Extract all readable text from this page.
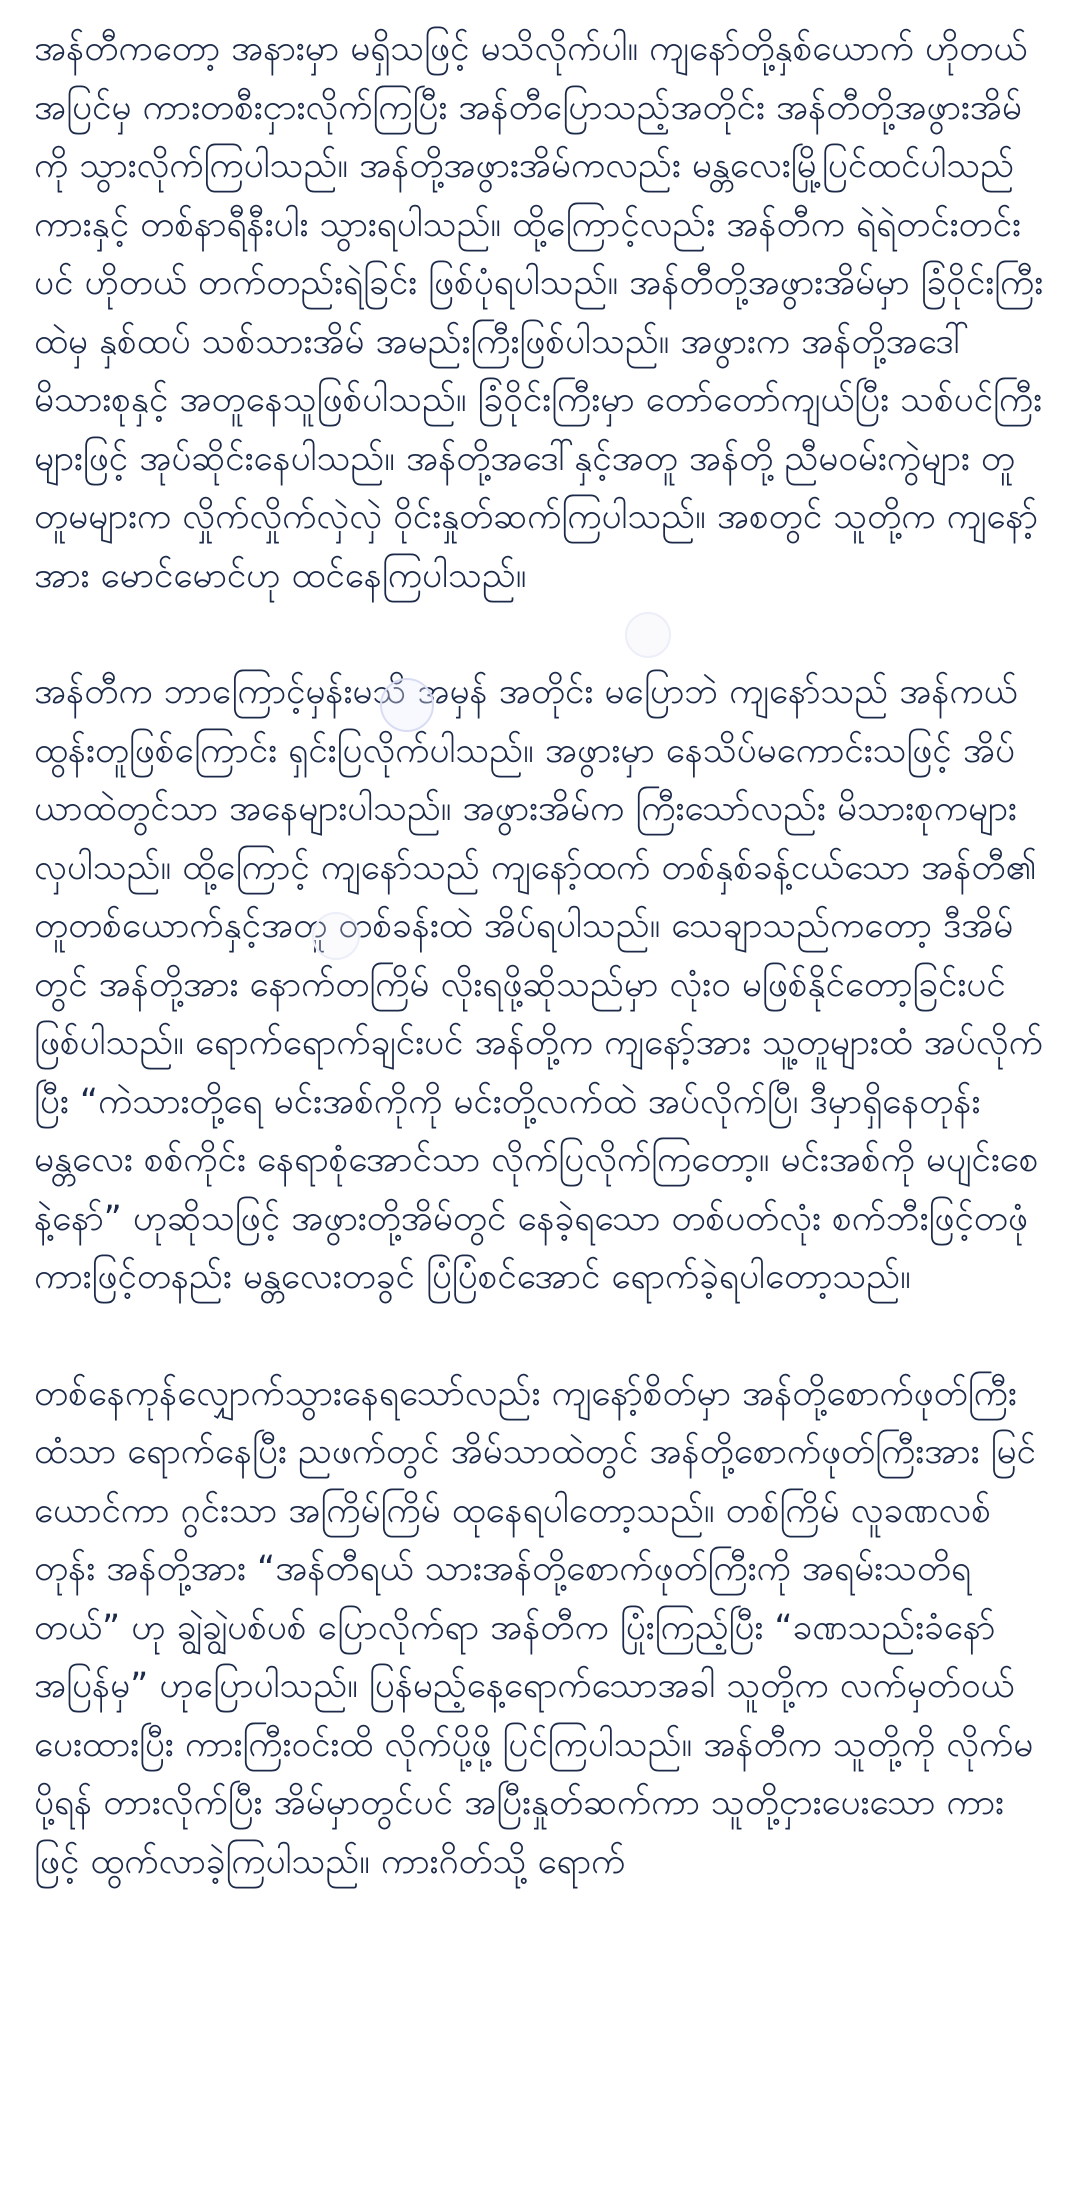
အန်တီကတော့ အနားမှာ မရှိသဖြင့် မသိလိုက်ပါ။ ကျနော်တို့နှစ်ယောက် ဟိုတယ်အပြင်မှ ကားတစီးငှားလိုက်ကြပြီး အန်တီပြောသည့်အတိုင်း အန်တီတို့အဖွားအိမ်ကို သွားလိုက်ကြပါသည်။ အန်တို့အဖွားအိမ်ကလည်း မန္တလေးမြို့ပြင်ထင်ပါသည် ကားနှင့် တစ်နာရီနီးပါး သွားရပါသည်။ ထို့ကြောင့်လည်း အန်တီက ရဲရဲတင်းတင်းပင် ဟိုတယ် တက်တည်းရဲခြင်း ဖြစ်ပုံရပါသည်။ အန်တီတို့အဖွားအိမ်မှာ ခြံဝိုင်းကြီးထဲမှ နှစ်ထပ် သစ်သားအိမ် အမည်းကြီးဖြစ်ပါသည်။ အဖွားက အန်တို့အဒေါ် မိသားစုနှင့် အတူနေသူဖြစ်ပါသည်။ ခြံဝိုင်းကြီးမှာ တော်တော်ကျယ်ပြီး သစ်ပင်ကြီးများဖြင့် အုပ်ဆိုင်းနေပါသည်။ အန်တို့အဒေါ်နှင့်အတူ အန်တို့ ညီမဝမ်းကွဲများ တူတူမများက လှိုက်လှိုက်လှဲလှဲ ဝိုင်းနှုတ်ဆက်ကြပါသည်။ အစတွင် သူတို့က ကျနော့်အား မောင်မောင်ဟု ထင်နေကြပါသည်။

အန်တီက ဘာကြောင့်မှန်းမသိ အမှန် အတိုင်း မပြောဘဲ ကျနော်သည် အန်ကယ်ထွန်းတူဖြစ်ကြောင်း ရှင်းပြလိုက်ပါသည်။ အဖွားမှာ နေသိပ်မကောင်းသဖြင့် အိပ်ယာထဲတွင်သာ အနေများပါသည်။ အဖွားအိမ်က ကြီးသော်လည်း မိသားစုကများလှပါသည်။ ထို့ကြောင့် ကျနော်သည် ကျနော့်ထက် တစ်နှစ်ခန့်ငယ်သော အန်တီ၏ တူတစ်ယောက်နှင့်အတူ တစ်ခန်းထဲ အိပ်ရပါသည်။ သေချာသည်ကတော့ ဒီအိမ်တွင် အန်တို့အား နောက်တကြိမ် လိုးရဖို့ဆိုသည်မှာ လုံးဝ မဖြစ်နိုင်တော့ခြင်းပင် ဖြစ်ပါသည်။ ရောက်ရောက်ချင်းပင် အန်တို့က ကျနော့်အား သူ့တူများထံ အပ်လိုက်ပြီး “ကဲသားတို့ရေ မင်းအစ်ကိုကို မင်းတို့လက်ထဲ အပ်လိုက်ပြီ၊ ဒီမှာရှိနေတုန်း မန္တလေး စစ်ကိုင်း နေရာစုံအောင်သာ လိုက်ပြလိုက်ကြတော့။ မင်းအစ်ကို မပျင်းစေနဲ့နော်” ဟုဆိုသဖြင့် အဖွားတို့အိမ်တွင် နေခဲ့ရသော တစ်ပတ်လုံး စက်ဘီးဖြင့်တဖုံ ကားဖြင့်တနည်း မန္တလေးတခွင် ပြံပြံစင်အောင် ရောက်ခဲ့ရပါတော့သည်။

တစ်နေကုန်လျှောက်သွားနေရသော်လည်း ကျနော့်စိတ်မှာ အန်တို့စောက်ဖုတ်ကြီးထံသာ ရောက်နေပြီး ညဖက်တွင် အိမ်သာထဲတွင် အန်တို့စောက်ဖုတ်ကြီးအား မြင်ယောင်ကာ ဂွင်းသာ အကြိမ်ကြိမ် ထုနေရပါတော့သည်။ တစ်ကြိမ် လူခဏလစ်တုန်း အန်တို့အား “အန်တီရယ် သားအန်တို့စောက်ဖုတ်ကြီးကို အရမ်းသတိရတယ်” ဟု ချွဲချွဲပစ်ပစ် ပြောလိုက်ရာ အန်တီက ပြုံးကြည့်ပြီး “ခဏသည်းခံနော် အပြန်မှ” ဟုပြောပါသည်။ ပြန်မည့်နေ့ရောက်သောအခါ သူတို့က လက်မှတ်ဝယ်ပေးထားပြီး ကားကြီးဝင်းထိ လိုက်ပို့ဖို့ ပြင်ကြပါသည်။ အန်တီက သူတို့ကို လိုက်မပို့ရန် တားလိုက်ပြီး အိမ်မှာတွင်ပင် အပြီးနှုတ်ဆက်ကာ သူတို့ငှားပေးသော ကားဖြင့် ထွက်လာခဲ့ကြပါသည်။ ကားဂိတ်သို့ ရောက်
